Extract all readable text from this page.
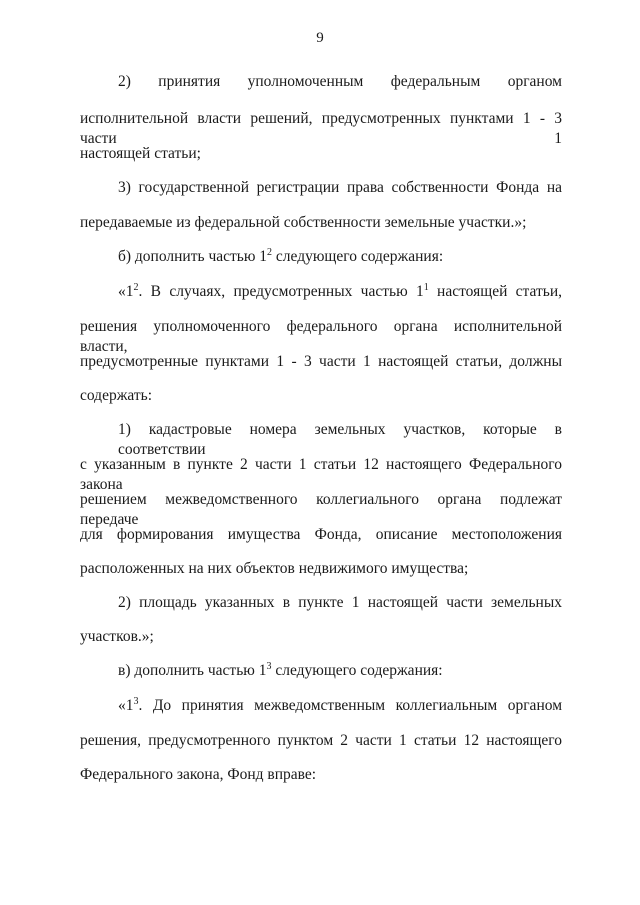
9
2) принятия уполномоченным федеральным органом
исполнительной власти решений, предусмотренных пунктами 1 - 3 части 1
настоящей статьи;
3) государственной регистрации права собственности Фонда на
передаваемые из федеральной собственности земельные участки.»;
б) дополнить частью $1^2$ следующего содержания:
«$1^2$. В случаях, предусмотренных частью $1^1$ настоящей статьи,
решения уполномоченного федерального органа исполнительной власти,
предусмотренные пунктами 1 - 3 части 1 настоящей статьи, должны
содержать:
1) кадастровые номера земельных участков, которые в соответствии
с указанным в пункте 2 части 1 статьи 12 настоящего Федерального закона
решением межведомственного коллегиального органа подлежат передаче
для формирования имущества Фонда, описание местоположения
расположенных на них объектов недвижимого имущества;
2) площадь указанных в пункте 1 настоящей части земельных
участков.»;
в) дополнить частью $1^3$ следующего содержания:
«$1^3$. До принятия межведомственным коллегиальным органом
решения, предусмотренного пунктом 2 части 1 статьи 12 настоящего
Федерального закона, Фонд вправе:
